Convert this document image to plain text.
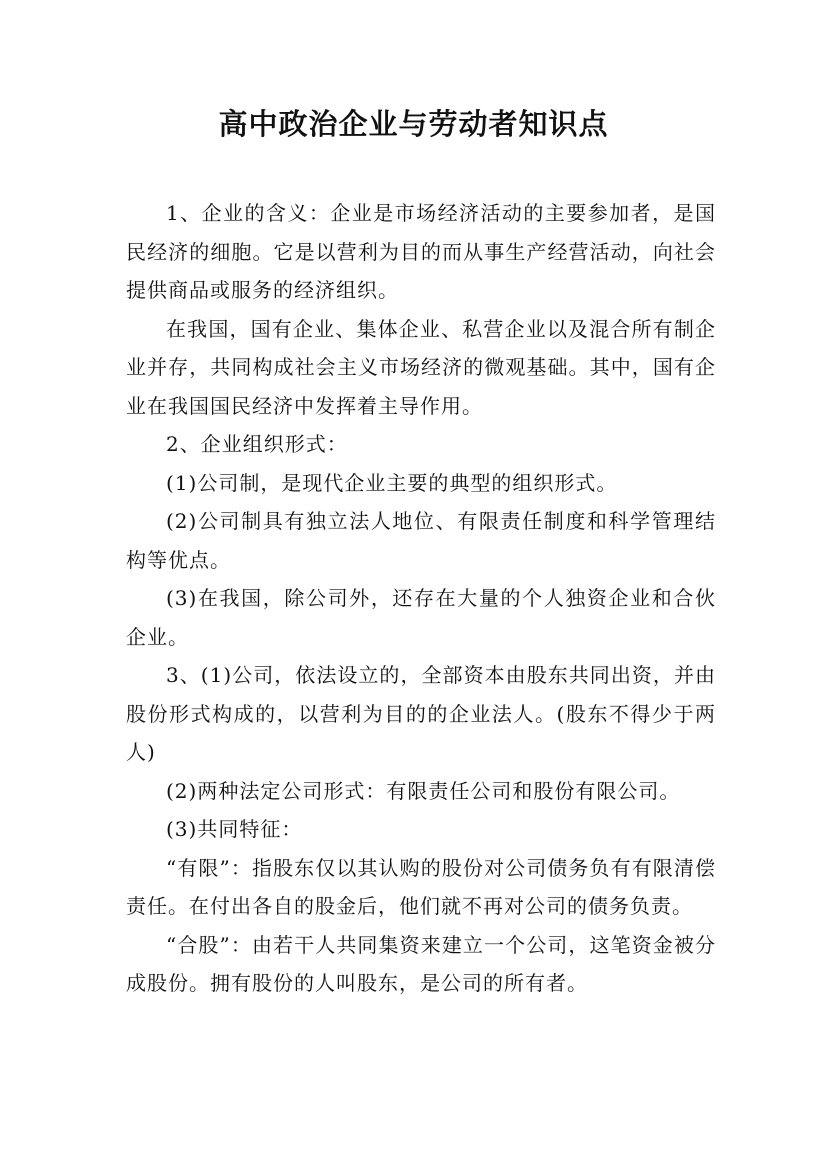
高中政治企业与劳动者知识点

1、企业的含义：企业是市场经济活动的主要参加者，是国民经济的细胞。它是以营利为目的而从事生产经营活动，向社会提供商品或服务的经济组织。

在我国，国有企业、集体企业、私营企业以及混合所有制企业并存，共同构成社会主义市场经济的微观基础。其中，国有企业在我国国民经济中发挥着主导作用。

2、企业组织形式：

(1)公司制，是现代企业主要的典型的组织形式。

(2)公司制具有独立法人地位、有限责任制度和科学管理结构等优点。

(3)在我国，除公司外，还存在大量的个人独资企业和合伙企业。

3、(1)公司，依法设立的，全部资本由股东共同出资，并由股份形式构成的，以营利为目的的企业法人。(股东不得少于两人)

(2)两种法定公司形式：有限责任公司和股份有限公司。

(3)共同特征：

“有限”：指股东仅以其认购的股份对公司债务负有有限清偿责任。在付出各自的股金后，他们就不再对公司的债务负责。

“合股”：由若干人共同集资来建立一个公司，这笔资金被分成股份。拥有股份的人叫股东，是公司的所有者。
